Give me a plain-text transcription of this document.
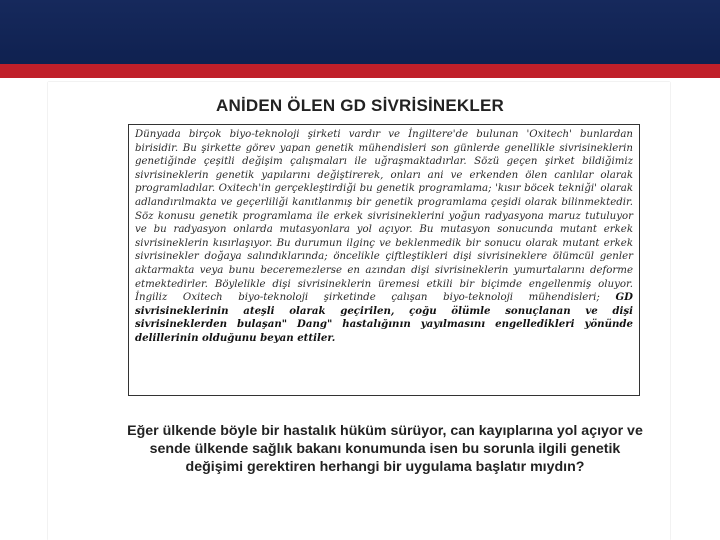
ANİDEN ÖLEN GD SİVRİSİNEKLER

Dünyada birçok biyo-teknoloji şirketi vardır ve İngiltere'de bulunan 'Oxitech' bunlardan birisidir. Bu şirkette görev yapan genetik mühendisleri son günlerde genellikle sivrisineklerin genetiğinde çeşitli değişim çalışmaları ile uğraşmaktadırlar. Sözü geçen şirket bildiğimiz sivrisineklerin genetik yapılarını değiştirerek, onları ani ve erkenden ölen canlılar olarak programladılar. Oxitech'in gerçekleştirdiği bu genetik programlama; 'kısır böcek tekniği' olarak adlandırılmakta ve geçerliliği kanıtlanmış bir genetik programlama çeşidi olarak bilinmektedir. Söz konusu genetik programlama ile erkek sivrisineklerini yoğun radyasyona maruz tutuluyor ve bu radyasyon onlarda mutasyonlara yol açıyor. Bu mutasyon sonucunda mutant erkek sivrisineklerin kısırlaşıyor. Bu durumun ilginç ve beklenmedik bir sonucu olarak mutant erkek sivrisinekler doğaya salındıklarında; öncelikle çiftleştikleri dişi sivrisineklere ölümcül genler aktarmakta veya bunu beceremezlerse en azından dişi sivrisineklerin yumurtalarını deforme etmektedirler. Böylelikle dişi sivrisineklerin üremesi etkili bir biçimde engellenmiş oluyor. İngiliz Oxitech biyo-teknoloji şirketinde çalışan biyo-teknoloji mühendisleri; GD sivrisineklerinin ateşli olarak geçirilen, çoğu ölümle sonuçlanan ve dişi sivrisineklerden bulaşan" Dang" hastalığının yayılmasını engelledikleri yönünde delillerinin olduğunu beyan ettiler.

Eğer ülkende böyle bir hastalık hüküm sürüyor, can kayıplarına yol açıyor ve sende ülkende sağlık bakanı konumunda isen bu sorunla ilgili genetik değişimi gerektiren herhangi bir uygulama başlatır mıydın?
